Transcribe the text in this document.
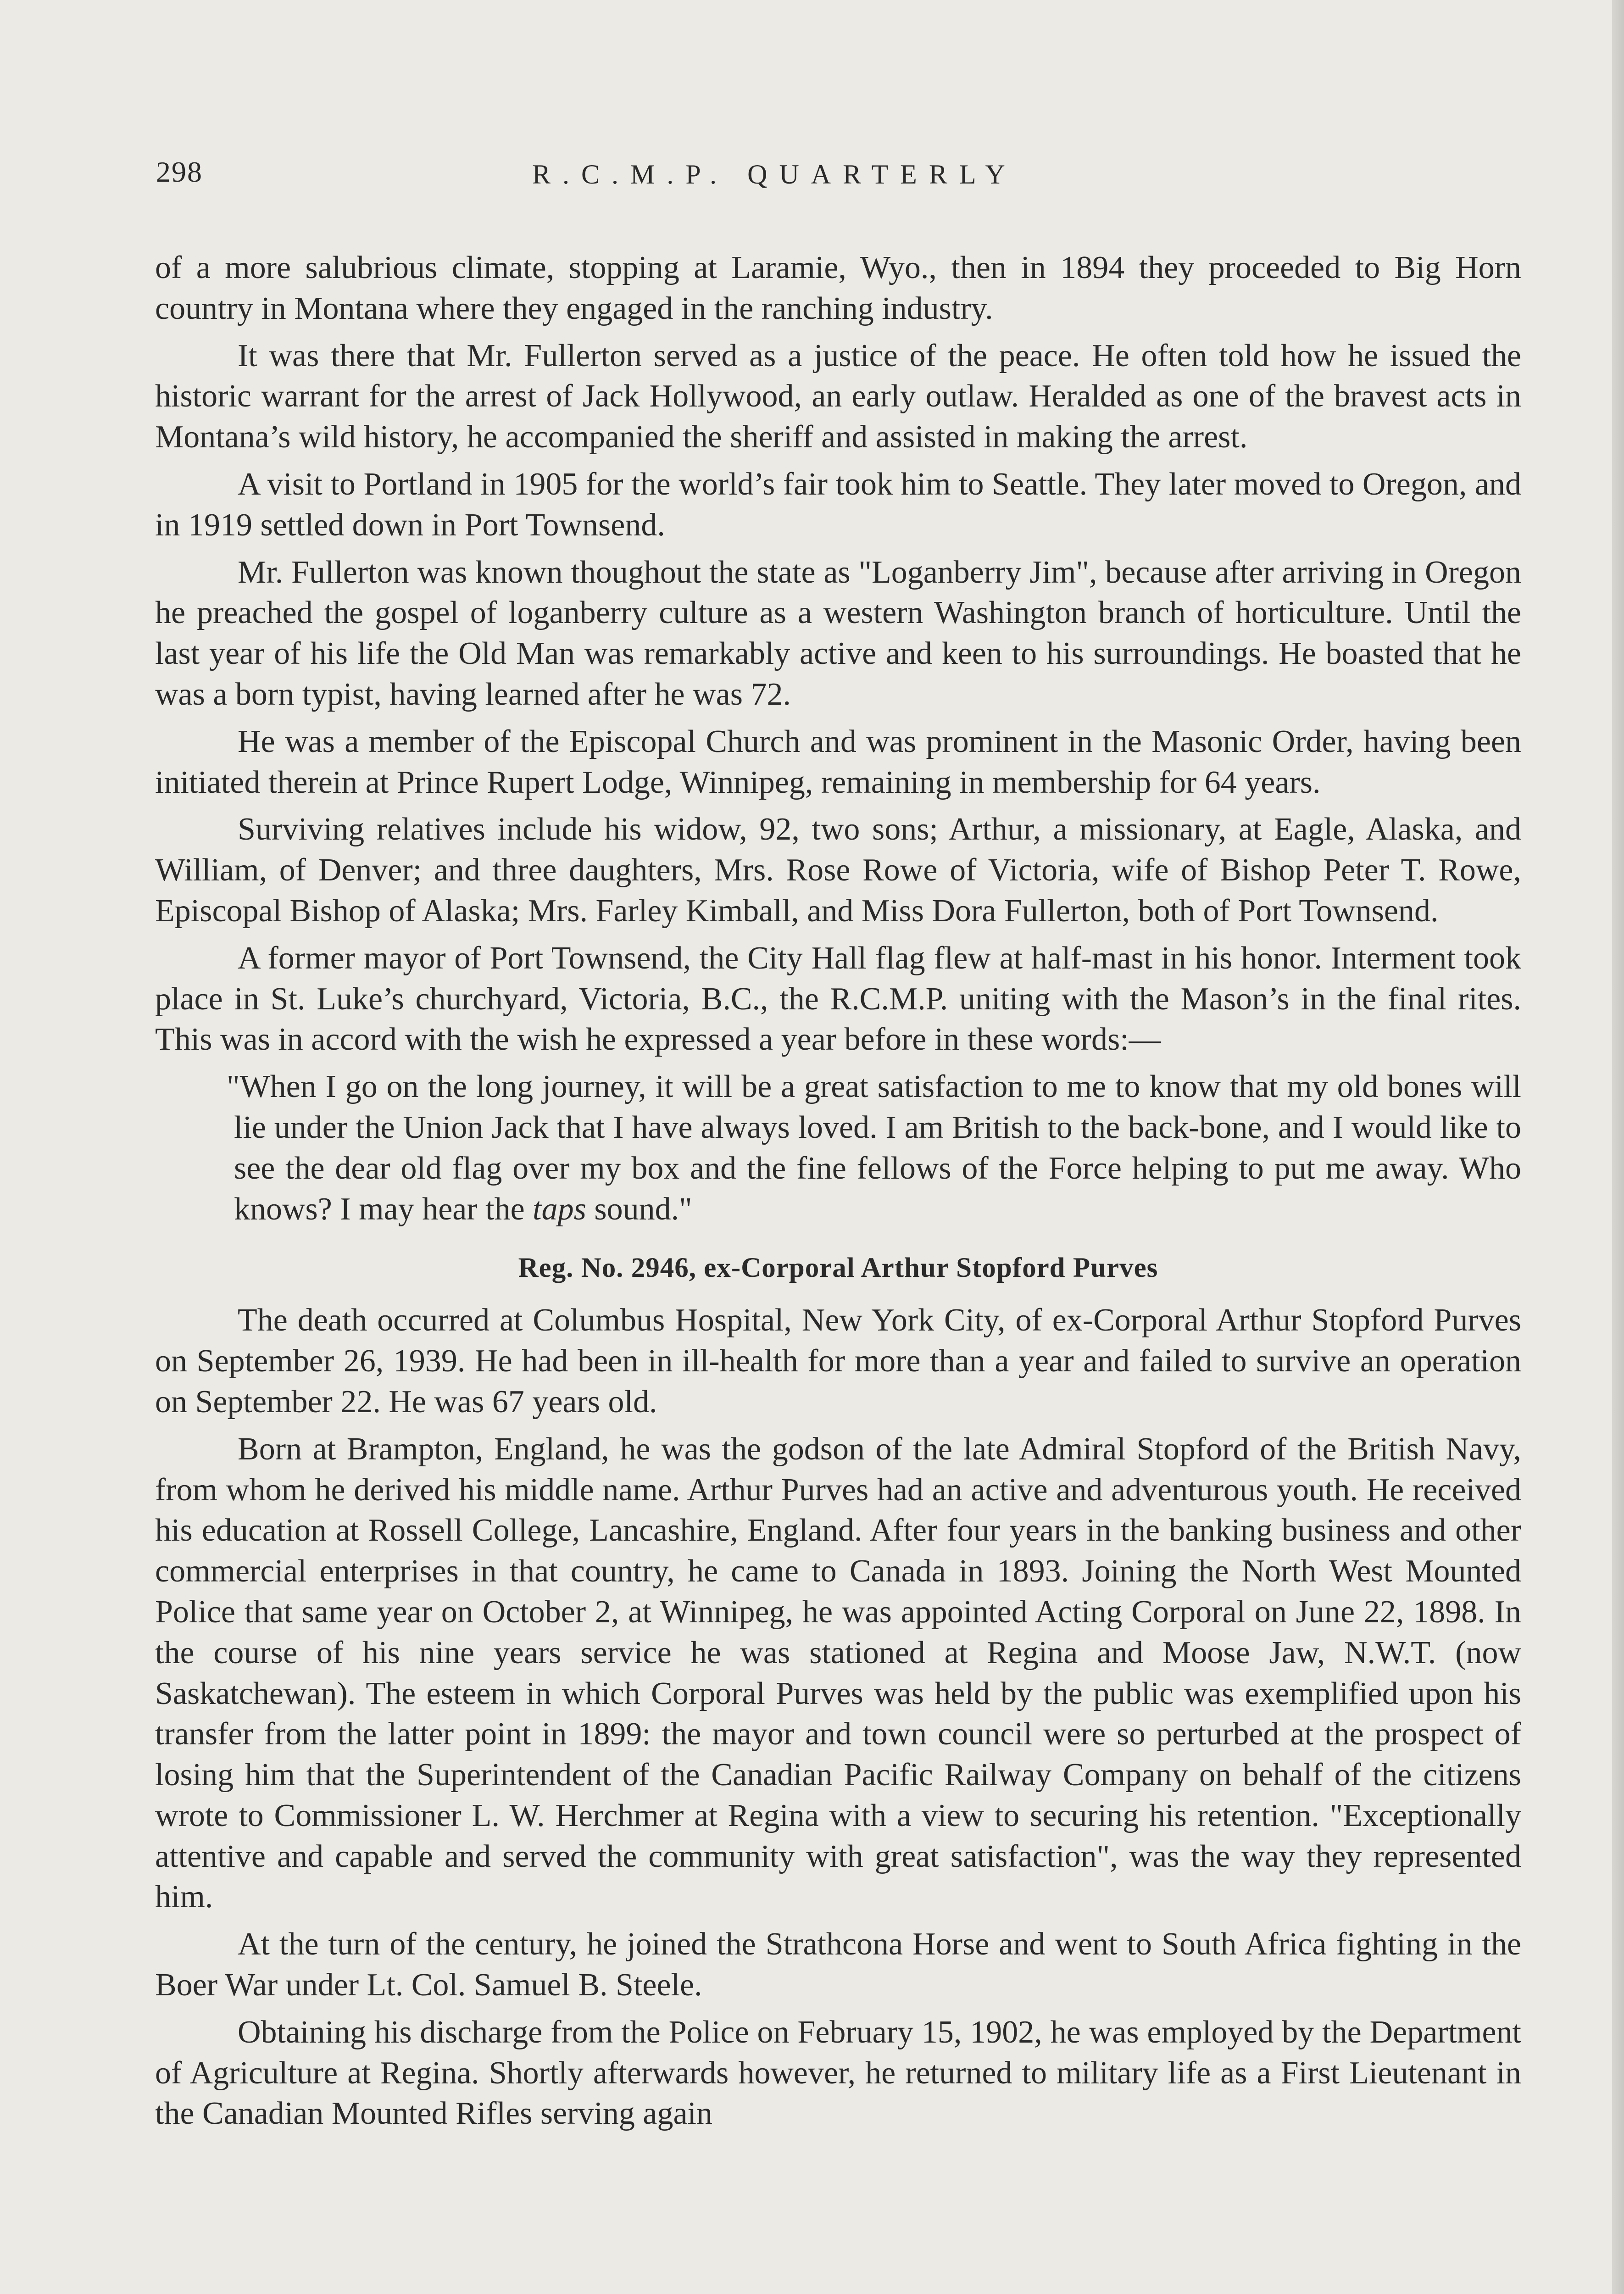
298	R.C.M.P. QUARTERLY

of a more salubrious climate, stopping at Laramie, Wyo., then in 1894 they proceeded to Big Horn country in Montana where they engaged in the ranching industry.

It was there that Mr. Fullerton served as a justice of the peace. He often told how he issued the historic warrant for the arrest of Jack Hollywood, an early outlaw. Heralded as one of the bravest acts in Montana’s wild history, he accompanied the sheriff and assisted in making the arrest.

A visit to Portland in 1905 for the world’s fair took him to Seattle. They later moved to Oregon, and in 1919 settled down in Port Townsend.

Mr. Fullerton was known thoughout the state as "Loganberry Jim", because after arriving in Oregon he preached the gospel of loganberry culture as a western Washington branch of horticulture. Until the last year of his life the Old Man was remarkably active and keen to his surroundings. He boasted that he was a born typist, having learned after he was 72.

He was a member of the Episcopal Church and was prominent in the Masonic Order, having been initiated therein at Prince Rupert Lodge, Winnipeg, remaining in membership for 64 years.

Surviving relatives include his widow, 92, two sons; Arthur, a missionary, at Eagle, Alaska, and William, of Denver; and three daughters, Mrs. Rose Rowe of Victoria, wife of Bishop Peter T. Rowe, Episcopal Bishop of Alaska; Mrs. Farley Kimball, and Miss Dora Fullerton, both of Port Townsend.

A former mayor of Port Townsend, the City Hall flag flew at half-mast in his honor. Interment took place in St. Luke’s churchyard, Victoria, B.C., the R.C.M.P. uniting with the Mason’s in the final rites. This was in accord with the wish he expressed a year before in these words:—

"When I go on the long journey, it will be a great satisfaction to me to know that my old bones will lie under the Union Jack that I have always loved. I am British to the back-bone, and I would like to see the dear old flag over my box and the fine fellows of the Force helping to put me away. Who knows? I may hear the taps sound."

Reg. No. 2946, ex-Corporal Arthur Stopford Purves

The death occurred at Columbus Hospital, New York City, of ex-Corporal Arthur Stopford Purves on September 26, 1939. He had been in ill-health for more than a year and failed to survive an operation on September 22. He was 67 years old.

Born at Brampton, England, he was the godson of the late Admiral Stopford of the British Navy, from whom he derived his middle name. Arthur Purves had an active and adventurous youth. He received his education at Rossell College, Lancashire, England. After four years in the banking business and other commercial enterprises in that country, he came to Canada in 1893. Joining the North West Mounted Police that same year on October 2, at Winnipeg, he was appointed Acting Corporal on June 22, 1898. In the course of his nine years service he was stationed at Regina and Moose Jaw, N.W.T. (now Saskatchewan). The esteem in which Corporal Purves was held by the public was exemplified upon his transfer from the latter point in 1899: the mayor and town council were so perturbed at the prospect of losing him that the Superintendent of the Canadian Pacific Railway Company on behalf of the citizens wrote to Commissioner L. W. Herchmer at Regina with a view to securing his retention. "Exceptionally attentive and capable and served the community with great satisfaction", was the way they represented him.

At the turn of the century, he joined the Strathcona Horse and went to South Africa fighting in the Boer War under Lt. Col. Samuel B. Steele.

Obtaining his discharge from the Police on February 15, 1902, he was employed by the Department of Agriculture at Regina. Shortly afterwards however, he returned to military life as a First Lieutenant in the Canadian Mounted Rifles serving again
